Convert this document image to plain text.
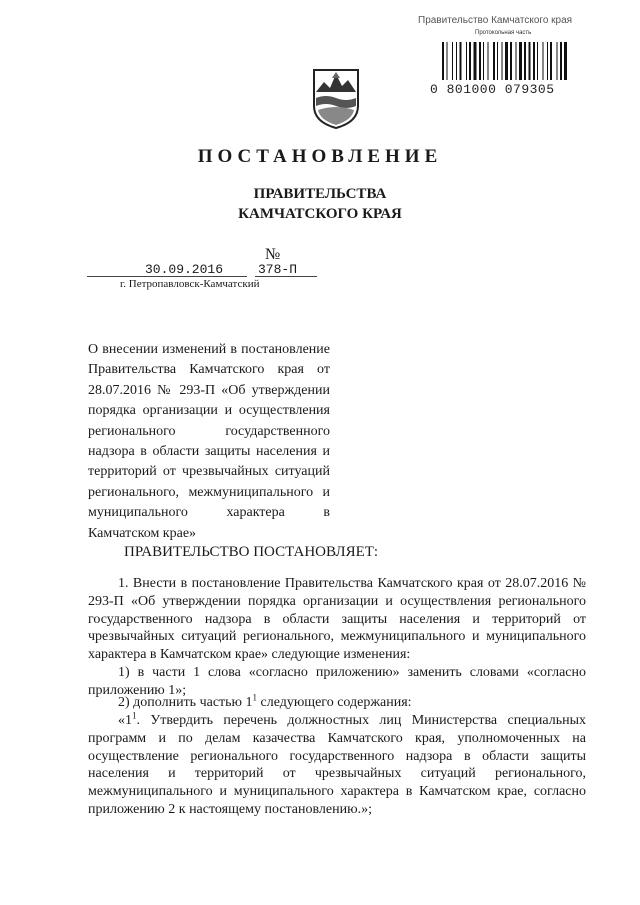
Правительство Камчатского края
Протокольная часть
0 801000 079305
ПОСТАНОВЛЕНИЕ
ПРАВИТЕЛЬСТВА
КАМЧАТСКОГО КРАЯ
№
30.09.2016	378-П
г. Петропавловск-Камчатский
О внесении изменений в постановление Правительства Камчатского края от 28.07.2016 № 293-П «Об утверждении порядка организации и осуществления регионального государственного надзора в области защиты населения и территорий от чрезвычайных ситуаций регионального, межмуниципального и муниципального характера в Камчатском крае»
ПРАВИТЕЛЬСТВО ПОСТАНОВЛЯЕТ:
1. Внести в постановление Правительства Камчатского края от 28.07.2016 № 293-П «Об утверждении порядка организации и осуществления регионального государственного надзора в области защиты населения и территорий от чрезвычайных ситуаций регионального, межмуниципального и муниципального характера в Камчатском крае» следующие изменения:
1) в части 1 слова «согласно приложению» заменить словами «согласно приложению 1»;
2) дополнить частью $1^1$ следующего содержания:
«$1^1$. Утвердить перечень должностных лиц Министерства специальных программ и по делам казачества Камчатского края, уполномоченных на осуществление регионального государственного надзора в области защиты населения и территорий от чрезвычайных ситуаций регионального, межмуниципального и муниципального характера в Камчатском крае, согласно приложению 2 к настоящему постановлению.»;
